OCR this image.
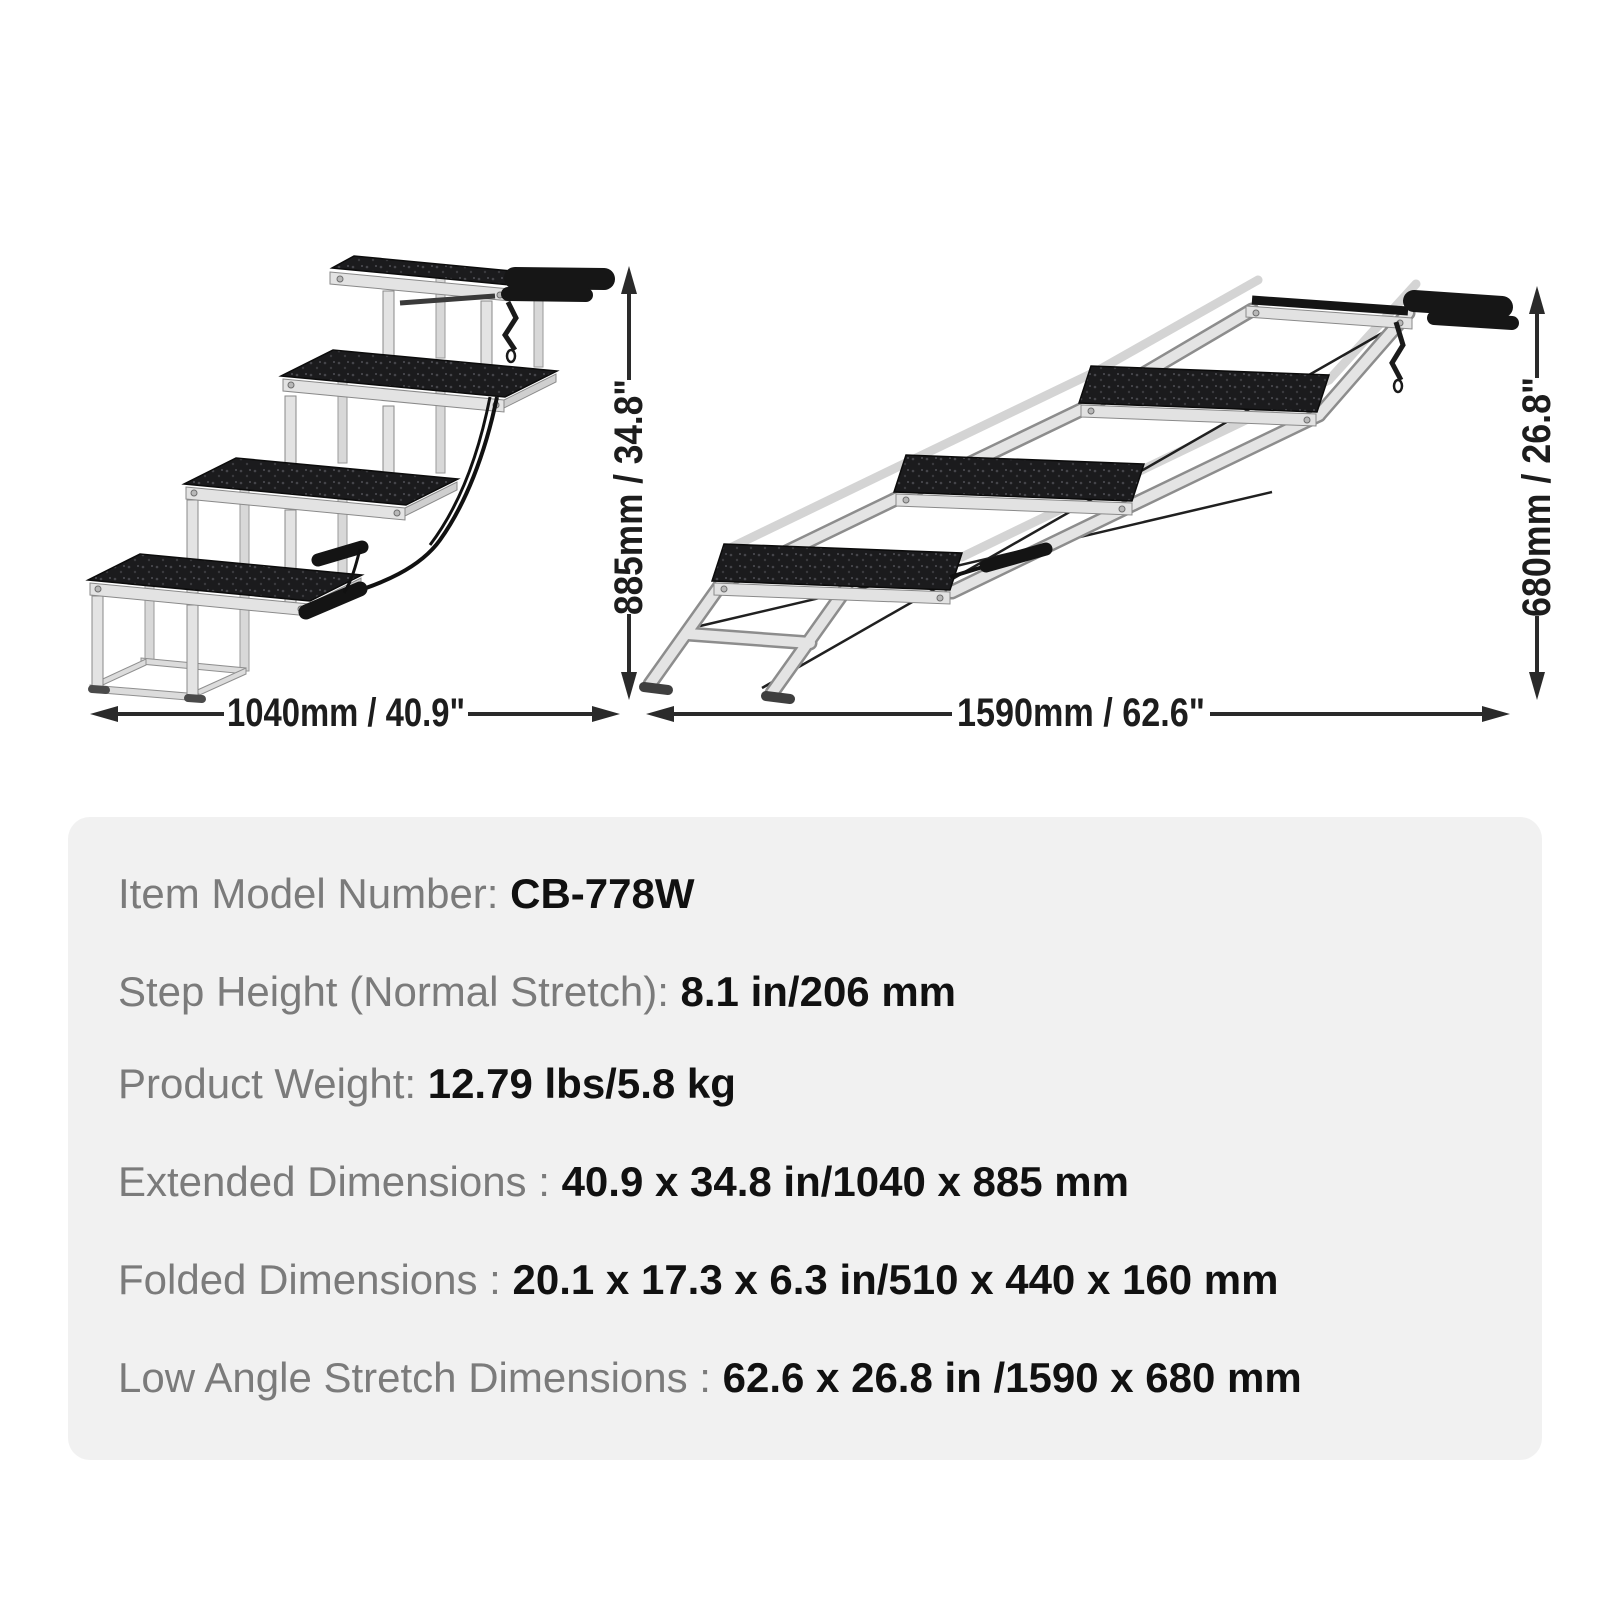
885mm / 34.8"
1040mm / 40.9"
680mm / 26.8"
1590mm / 62.6"
Item Model Number: CB-778W
Step Height (Normal Stretch): 8.1 in/206 mm
Product Weight: 12.79 lbs/5.8 kg
Extended Dimensions : 40.9 x 34.8 in/1040 x 885 mm
Folded Dimensions : 20.1 x 17.3 x 6.3 in/510 x 440 x 160 mm
Low Angle Stretch Dimensions : 62.6 x 26.8 in /1590 x 680 mm
